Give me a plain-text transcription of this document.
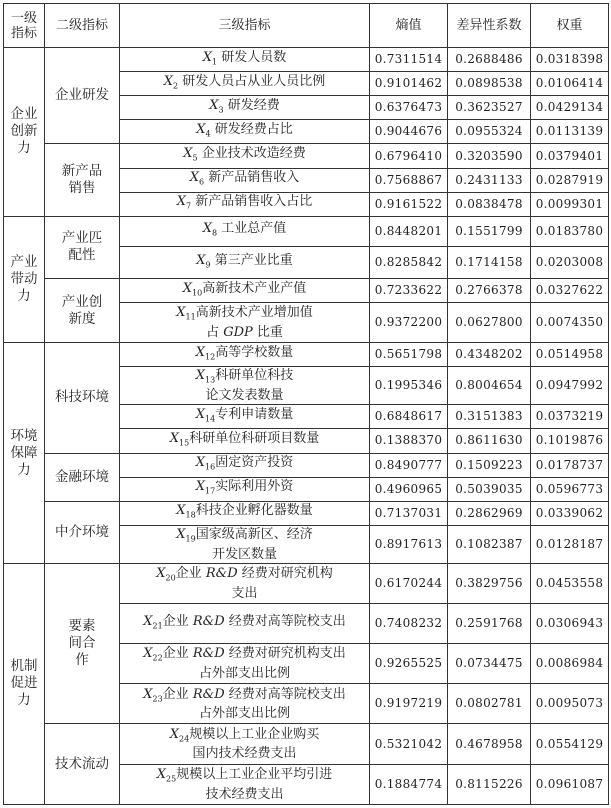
一级
指标	二级指标	三级指标	熵值	差异性系数	权重
企业
创新
力	企业研发	$X_1$ 研发人员数	0.7311514	0.2688486	0.0318398
		$X_2$ 研发人员占从业人员比例	0.9101462	0.0898538	0.0106414
		$X_3$ 研发经费	0.6376473	0.3623527	0.0429134
		$X_4$ 研发经费占比	0.9044676	0.0955324	0.0113139
	新产品
销售	$X_5$ 企业技术改造经费	0.6796410	0.3203590	0.0379401
		$X_6$ 新产品销售收入	0.7568867	0.2431133	0.0287919
		$X_7$ 新产品销售收入占比	0.9161522	0.0838478	0.0099301
产业
带动
力	产业匹
配性	$X_8$ 工业总产值	0.8448201	0.1551799	0.0183780
		$X_9$ 第三产业比重	0.8285842	0.1714158	0.0203008
	产业创
新度	$X_{10}$高新技术产业产值	0.7233622	0.2766378	0.0327622
		$X_{11}$高新技术产业增加值
占 GDP 比重	0.9372200	0.0627800	0.0074350
环境
保障
力	科技环境	$X_{12}$高等学校数量	0.5651798	0.4348202	0.0514958
		$X_{13}$科研单位科技
论文发表数量	0.1995346	0.8004654	0.0947992
		$X_{14}$专利申请数量	0.6848617	0.3151383	0.0373219
		$X_{15}$科研单位科研项目数量	0.1388370	0.8611630	0.1019876
	金融环境	$X_{16}$固定资产投资	0.8490777	0.1509223	0.0178737
		$X_{17}$实际利用外资	0.4960965	0.5039035	0.0596773
	中介环境	$X_{18}$科技企业孵化器数量	0.7137031	0.2862969	0.0339062
		$X_{19}$国家级高新区、经济
开发区数量	0.8917613	0.1082387	0.0128187
机制
促进
力	要素
间合
作	$X_{20}$企业 R&D 经费对研究机构
支出	0.6170244	0.3829756	0.0453558
		$X_{21}$企业 R&D 经费对高等院校支出	0.7408232	0.2591768	0.0306943
		$X_{22}$企业 R&D 经费对研究机构支出
占外部支出比例	0.9265525	0.0734475	0.0086984
		$X_{23}$企业 R&D 经费对高等院校支出
占外部支出比例	0.9197219	0.0802781	0.0095073
	技术流动	$X_{24}$规模以上工业企业购买
国内技术经费支出	0.5321042	0.4678958	0.0554129
		$X_{25}$规模以上工业企业平均引进
技术经费支出	0.1884774	0.8115226	0.0961087
